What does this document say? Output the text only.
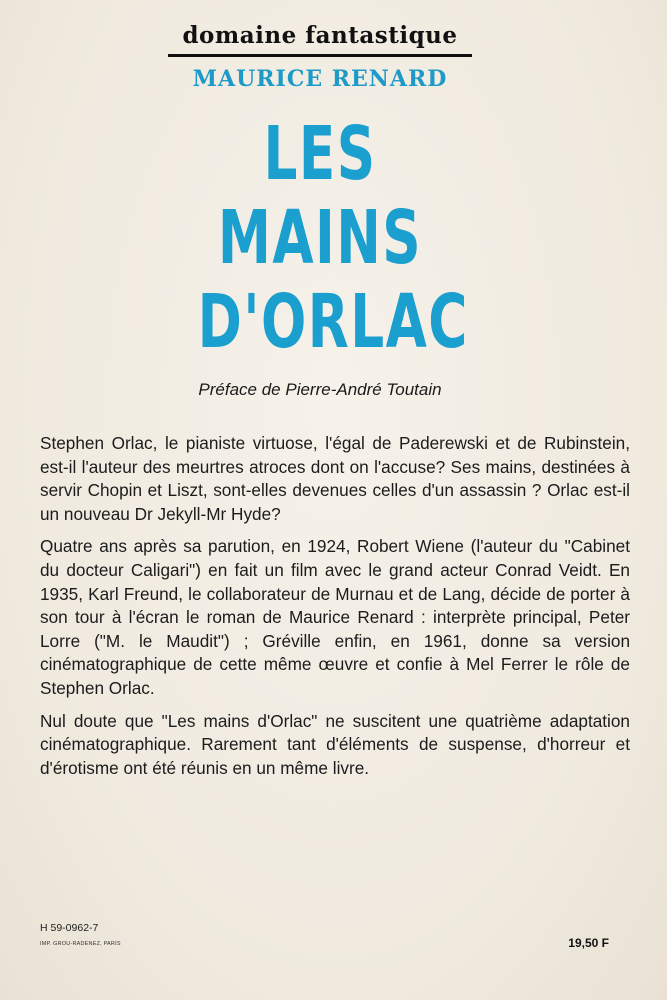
domaine fantastique
MAURICE RENARD
LES
MAINS
D'ORLAC
Préface de Pierre-André Toutain

Stephen Orlac, le pianiste virtuose, l'égal de Paderewski et de Rubinstein, est-il l'auteur des meurtres atroces dont on l'accuse? Ses mains, destinées à servir Chopin et Liszt, sont-elles devenues celles d'un assassin ? Orlac est-il un nouveau Dr Jekyll-Mr Hyde?

Quatre ans après sa parution, en 1924, Robert Wiene (l'auteur du "Cabinet du docteur Caligari") en fait un film avec le grand acteur Conrad Veidt. En 1935, Karl Freund, le collaborateur de Murnau et de Lang, décide de porter à son tour à l'écran le roman de Maurice Renard : interprète principal, Peter Lorre ("M. le Maudit") ; Gréville enfin, en 1961, donne sa version cinématographique de cette même œuvre et confie à Mel Ferrer le rôle de Stephen Orlac.

Nul doute que "Les mains d'Orlac" ne suscitent une quatrième adaptation cinématographique. Rarement tant d'éléments de suspense, d'horreur et d'érotisme ont été réunis en un même livre.

H 59-0962-7
IMP. GROU-RADENEZ, PARIS	19,50 F
